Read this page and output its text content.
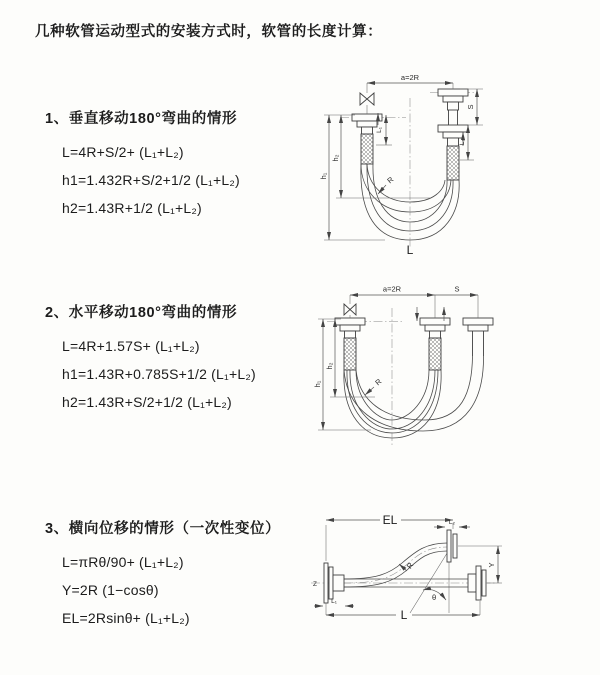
几种软管运动型式的安装方式时，软管的长度计算：
1、垂直移动180°弯曲的情形
L=4R+S/2+ (L₁+L₂)
h1=1.432R+S/2+1/2 (L₁+L₂)
h2=1.43R+1/2 (L₁+L₂)
a=2R
L₁
S
L₂
h₁
h₂
R
L
2、水平移动180°弯曲的情形
L=4R+1.57S+ (L₁+L₂)
h1=1.43R+0.785S+1/2 (L₁+L₂)
h2=1.43R+S/2+1/2 (L₁+L₂)
a=2R	S
h₁
h₂
R
3、横向位移的情形（一次性变位）
L=πRθ/90+ (L₁+L₂)
Y=2R (1−cosθ)
EL=2Rsinθ+ (L₁+L₂)
θ
Z
EL	L₂
Y
R
L₁
L
